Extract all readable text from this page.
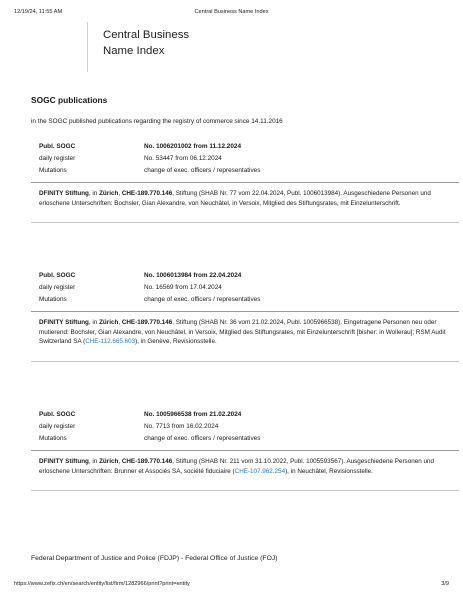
12/19/24, 11:55 AM	Central Business Name Index
Central Business
Name Index
SOGC publications
in the SOGC published publications regarding the registry of commerce since 14.11.2016
Publ. SOGC	No. 1006201002 from 11.12.2024
daily register	No. 53447 from 06.12.2024
Mutations	change of exec. officers / representatives
DFINITY Stiftung, in Zürich, CHE-189.770.146, Stiftung (SHAB Nr. 77 vom 22.04.2024, Publ. 1006013984). Ausgeschiedene Personen und erloschene Unterschriften: Bochsler, Gian Alexandre, von Neuchâtel, in Versoix, Mitglied des Stiftungsrates, mit Einzelunterschrift.
Publ. SOGC	No. 1006013984 from 22.04.2024
daily register	No. 16569 from 17.04.2024
Mutations	change of exec. officers / representatives
DFINITY Stiftung, in Zürich, CHE-189.770.146, Stiftung (SHAB Nr. 36 vom 21.02.2024, Publ. 1005966538). Eingetragene Personen neu oder mutierend: Bochsler, Gian Alexandre, von Neuchâtel, in Versoix, Mitglied des Stiftungsrates, mit Einzelunterschrift [bisher: in Wollerau]; RSM Audit Switzerland SA (CHE-112.665.603), in Genève, Revisionsstelle.
Publ. SOGC	No. 1005966538 from 21.02.2024
daily register	No. 7713 from 16.02.2024
Mutations	change of exec. officers / representatives
DFINITY Stiftung, in Zürich, CHE-189.770.146, Stiftung (SHAB Nr. 211 vom 31.10.2022, Publ. 1005593567). Ausgeschiedene Personen und erloschene Unterschriften: Brunner et Associés SA, société fiduciaire (CHE-107.962.254), in Neuchâtel, Revisionsstelle.
Federal Department of Justice and Police (FDJP) - Federal Office of Justice (FOJ)
https://www.zefix.ch/en/search/entity/list/firm/1282966/print?print=entity	3/9
